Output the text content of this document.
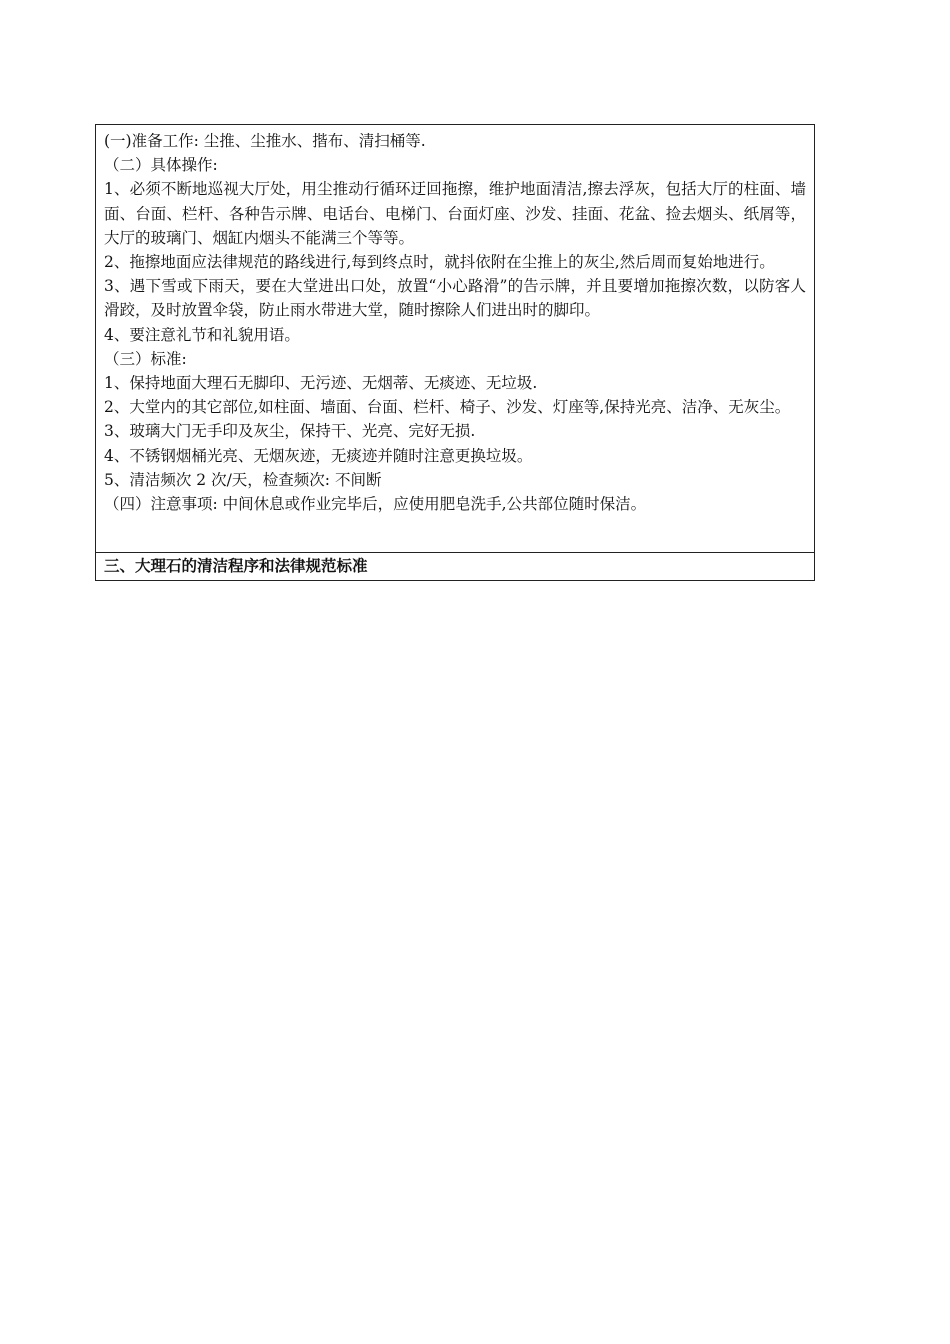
(一)准备工作: 尘推、尘推水、揩布、清扫桶等.

（二）具体操作:

1、必须不断地巡视大厅处，用尘推动行循环迂回拖擦，维护地面清洁,擦去浮灰，包括大厅的柱面、墙面、台面、栏杆、各种告示牌、电话台、电梯门、台面灯座、沙发、挂面、花盆、捡去烟头、纸屑等，大厅的玻璃门、烟缸内烟头不能满三个等等。

2、拖擦地面应法律规范的路线进行,每到终点时，就抖依附在尘推上的灰尘,然后周而复始地进行。

3、遇下雪或下雨天，要在大堂进出口处，放置“小心路滑”的告示牌，并且要增加拖擦次数，以防客人滑跤，及时放置伞袋，防止雨水带进大堂，随时擦除人们进出时的脚印。

4、要注意礼节和礼貌用语。

（三）标准:

1、保持地面大理石无脚印、无污迹、无烟蒂、无痰迹、无垃圾.

2、大堂内的其它部位,如柱面、墙面、台面、栏杆、椅子、沙发、灯座等,保持光亮、洁净、无灰尘。

3、玻璃大门无手印及灰尘，保持干、光亮、完好无损.

4、不锈钢烟桶光亮、无烟灰迹，无痰迹并随时注意更换垃圾。

5、清洁频次 2 次/天，检查频次: 不间断

（四）注意事项: 中间休息或作业完毕后，应使用肥皂洗手,公共部位随时保洁。

三、大理石的清洁程序和法律规范标准
